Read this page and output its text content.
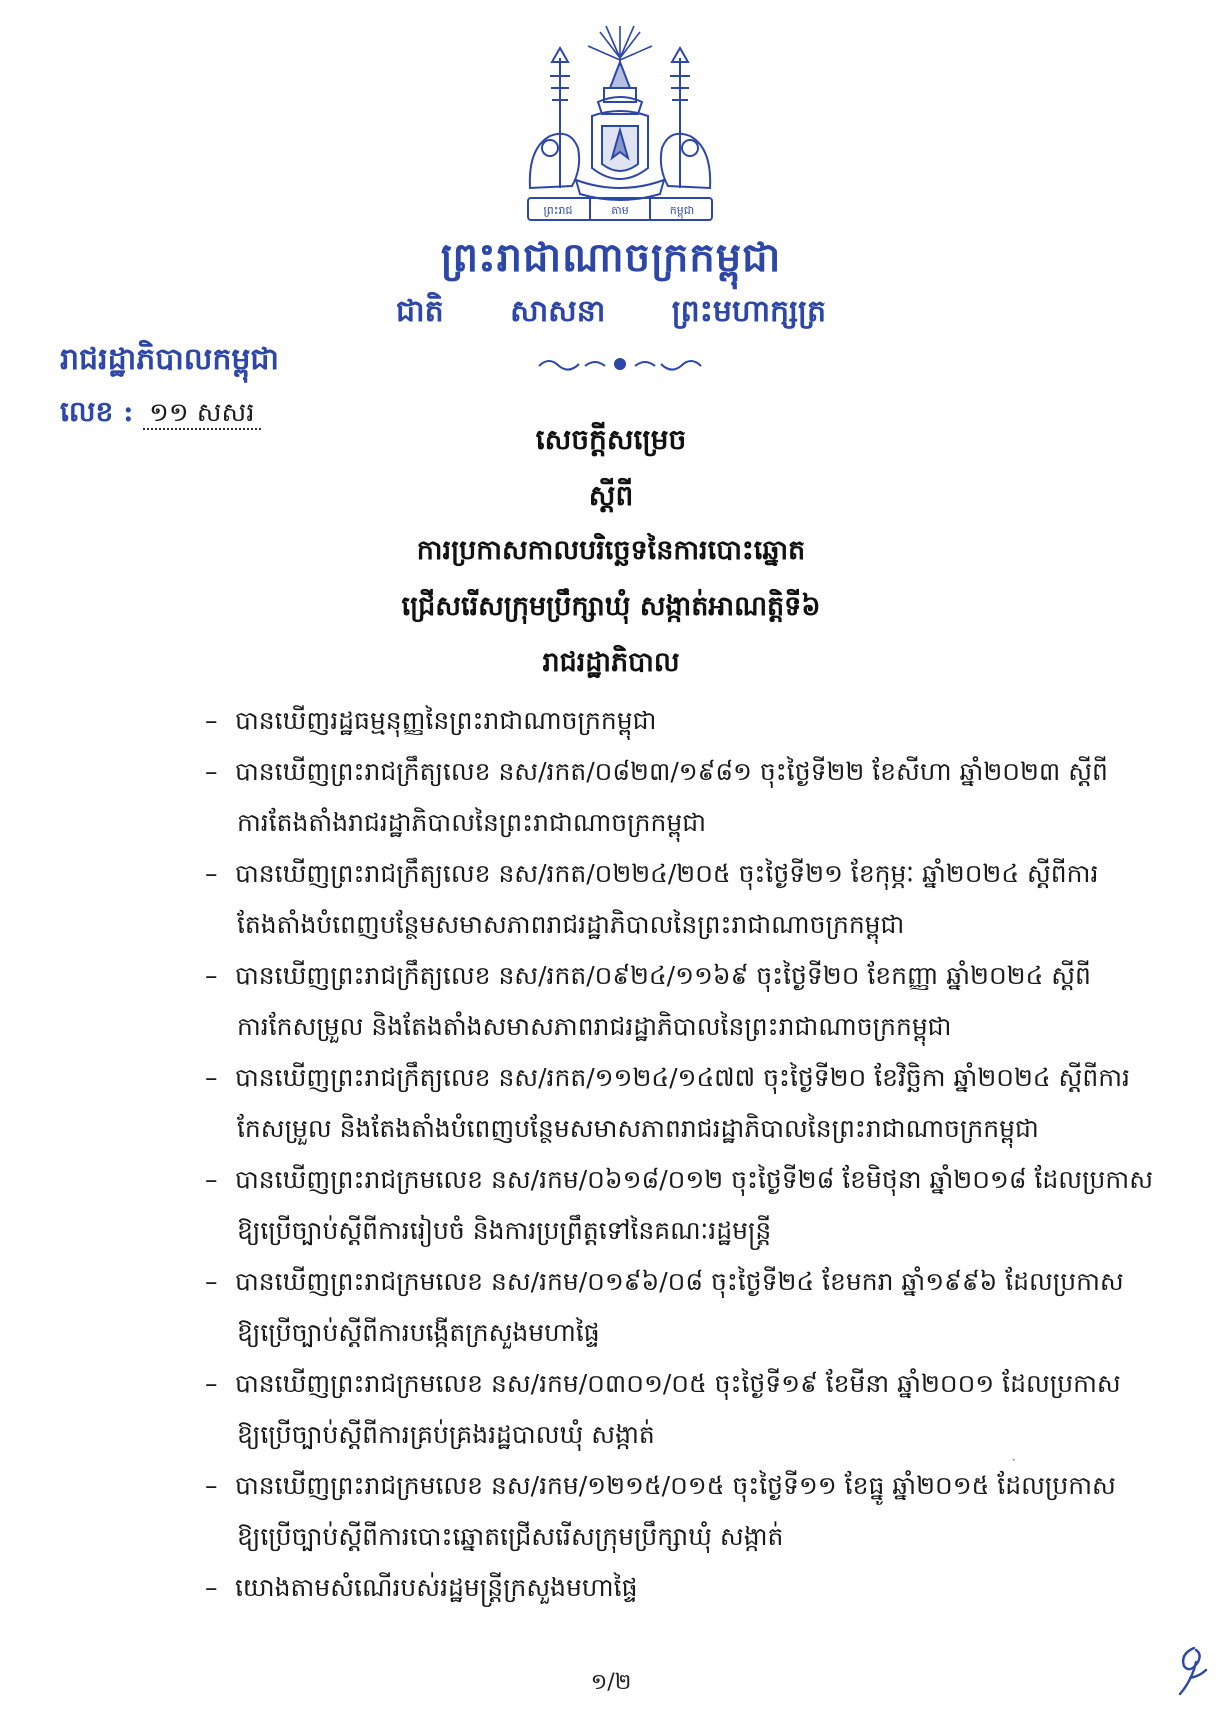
ព្រះរាជ	តាម	កម្ពុជា
ព្រះរាជាណាចក្រកម្ពុជា
ជាតិ សាសនា ព្រះមហាក្សត្រ
រាជរដ្ឋាភិបាលកម្ពុជា
លេខ : ១១ សសរ
សេចក្តីសម្រេច
ស្តីពី
ការប្រកាសកាលបរិច្ឆេទនៃការបោះឆ្នោត
ជ្រើសរើសក្រុមប្រឹក្សាឃុំ សង្កាត់អាណត្តិទី៦
រាជរដ្ឋាភិបាល
– បានឃើញរដ្ឋធម្មនុញ្ញនៃព្រះរាជាណាចក្រកម្ពុជា
– បានឃើញព្រះរាជក្រឹត្យលេខ នស/រកត/០៨២៣/១៩៨១ ចុះថ្ងៃទី២២ ខែសីហា ឆ្នាំ២០២៣ ស្តីពី
ការតែងតាំងរាជរដ្ឋាភិបាលនៃព្រះរាជាណាចក្រកម្ពុជា
– បានឃើញព្រះរាជក្រឹត្យលេខ នស/រកត/០២២៤/២០៥ ចុះថ្ងៃទី២១ ខែកុម្ភៈ ឆ្នាំ២០២៤ ស្តីពីការ
តែងតាំងបំពេញបន្ថែមសមាសភាពរាជរដ្ឋាភិបាលនៃព្រះរាជាណាចក្រកម្ពុជា
– បានឃើញព្រះរាជក្រឹត្យលេខ នស/រកត/០៩២៤/១១៦៩ ចុះថ្ងៃទី២០ ខែកញ្ញា ឆ្នាំ២០២៤ ស្តីពី
ការកែសម្រួល និងតែងតាំងសមាសភាពរាជរដ្ឋាភិបាលនៃព្រះរាជាណាចក្រកម្ពុជា
– បានឃើញព្រះរាជក្រឹត្យលេខ នស/រកត/១១២៤/១៤៧៧ ចុះថ្ងៃទី២០ ខែវិច្ឆិកា ឆ្នាំ២០២៤ ស្តីពីការ
កែសម្រួល និងតែងតាំងបំពេញបន្ថែមសមាសភាពរាជរដ្ឋាភិបាលនៃព្រះរាជាណាចក្រកម្ពុជា
– បានឃើញព្រះរាជក្រមលេខ នស/រកម/០៦១៨/០១២ ចុះថ្ងៃទី២៨ ខែមិថុនា ឆ្នាំ២០១៨ ដែលប្រកាស
ឱ្យប្រើច្បាប់ស្តីពីការរៀបចំ និងការប្រព្រឹត្តទៅនៃគណៈរដ្ឋមន្ត្រី
– បានឃើញព្រះរាជក្រមលេខ នស/រកម/០១៩៦/០៨ ចុះថ្ងៃទី២៤ ខែមករា ឆ្នាំ១៩៩៦ ដែលប្រកាស
ឱ្យប្រើច្បាប់ស្តីពីការបង្កើតក្រសួងមហាផ្ទៃ
– បានឃើញព្រះរាជក្រមលេខ នស/រកម/០៣០១/០៥ ចុះថ្ងៃទី១៩ ខែមីនា ឆ្នាំ២០០១ ដែលប្រកាស
ឱ្យប្រើច្បាប់ស្តីពីការគ្រប់គ្រងរដ្ឋបាលឃុំ សង្កាត់
– បានឃើញព្រះរាជក្រមលេខ នស/រកម/១២១៥/០១៥ ចុះថ្ងៃទី១១ ខែធ្នូ ឆ្នាំ២០១៥ ដែលប្រកាស
ឱ្យប្រើច្បាប់ស្តីពីការបោះឆ្នោតជ្រើសរើសក្រុមប្រឹក្សាឃុំ សង្កាត់
– យោងតាមសំណើរបស់រដ្ឋមន្ត្រីក្រសួងមហាផ្ទៃ
·
១/២
